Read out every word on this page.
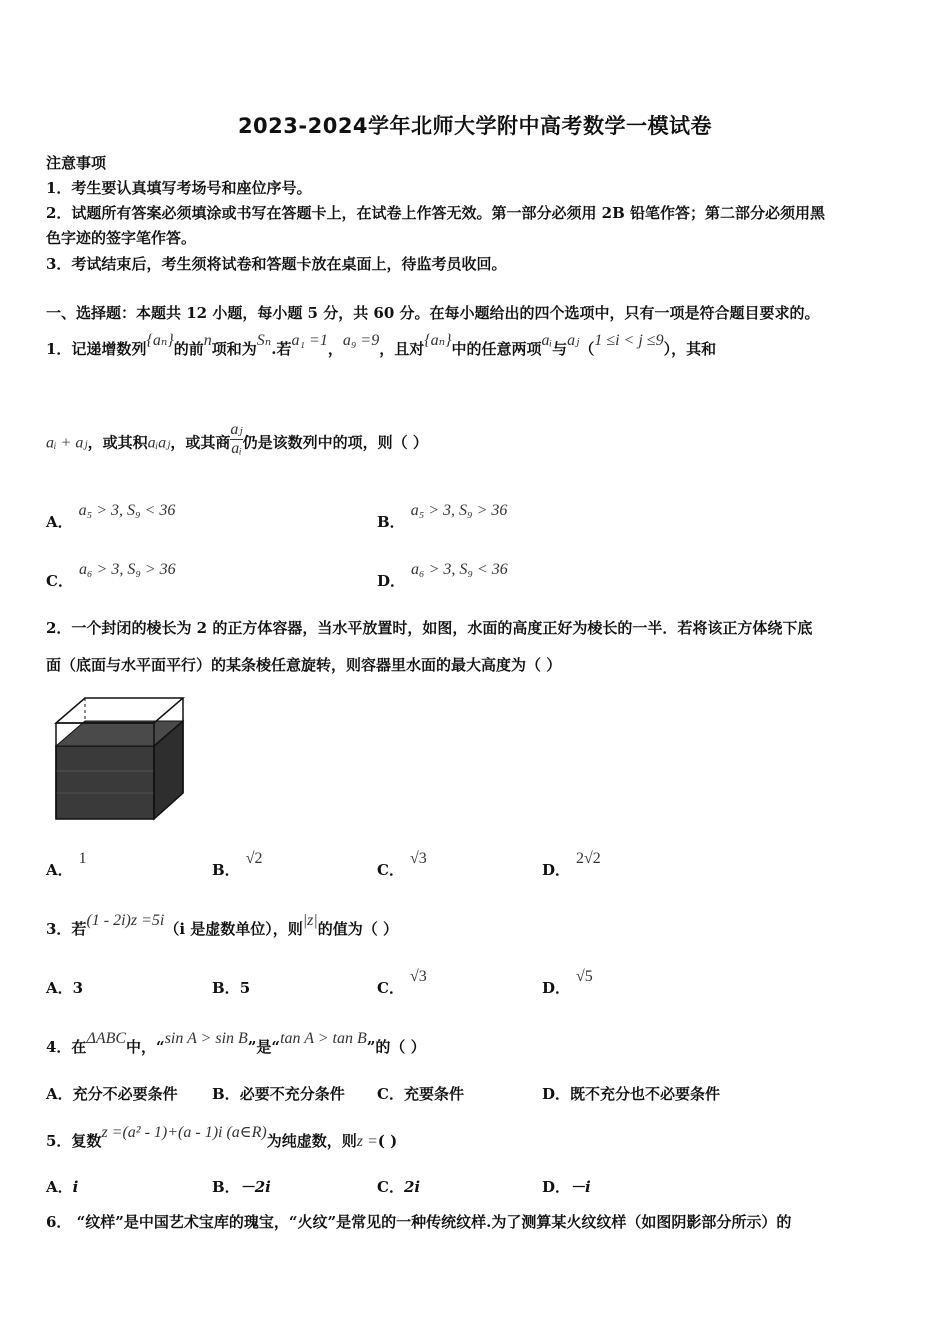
2023-2024学年北师大学附中高考数学一模试卷
注意事项
1．考生要认真填写考场号和座位序号。
2．试题所有答案必须填涂或书写在答题卡上，在试卷上作答无效。第一部分必须用 2B 铅笔作答；第二部分必须用黑
色字迹的签字笔作答。
3．考试结束后，考生须将试卷和答题卡放在桌面上，待监考员收回。
一、选择题：本题共 12 小题，每小题 5 分，共 60 分。在每小题给出的四个选项中，只有一项是符合题目要求的。
1．记递增数列{aₙ}的前n项和为Sₙ.若a₁ =1，a₉ =9，且对{aₙ}中的任意两项aᵢ与aⱼ（1 ≤i < j ≤9），其和
aᵢ + aⱼ，或其积aᵢaⱼ，或其商 $\frac{\text{aⱼ}}{\text{aᵢ}}$ 仍是该数列中的项，则（ ）
A．a₅ > 3, S₉ < 36
B．a₅ > 3, S₉ > 36
C．a₆ > 3, S₉ > 36
D．a₆ > 3, S₉ < 36
2．一个封闭的棱长为 2 的正方体容器，当水平放置时，如图，水面的高度正好为棱长的一半．若将该正方体绕下底
面（底面与水平面平行）的某条棱任意旋转，则容器里水面的最大高度为（ ）
A．1
B．√2
C．√3
D．2√2
3．若(1 - 2i)z =5i（i 是虚数单位），则|z|的值为（ ）
A．3	B．5	C．√3
D．√5
4．在ΔABC中，“sin A > sin B”是“tan A > tan B”的（ ）
A．充分不必要条件 B．必要不充分条件 C．充要条件	D．既不充分也不必要条件
5．复数z =(a² - 1)+(a - 1)i (a∈R)为纯虚数，则z =( )
A．i	B．－2i	C．2i	D．－i
6． “纹样”是中国艺术宝库的瑰宝，“火纹”是常见的一种传统纹样.为了测算某火纹纹样（如图阴影部分所示）的
